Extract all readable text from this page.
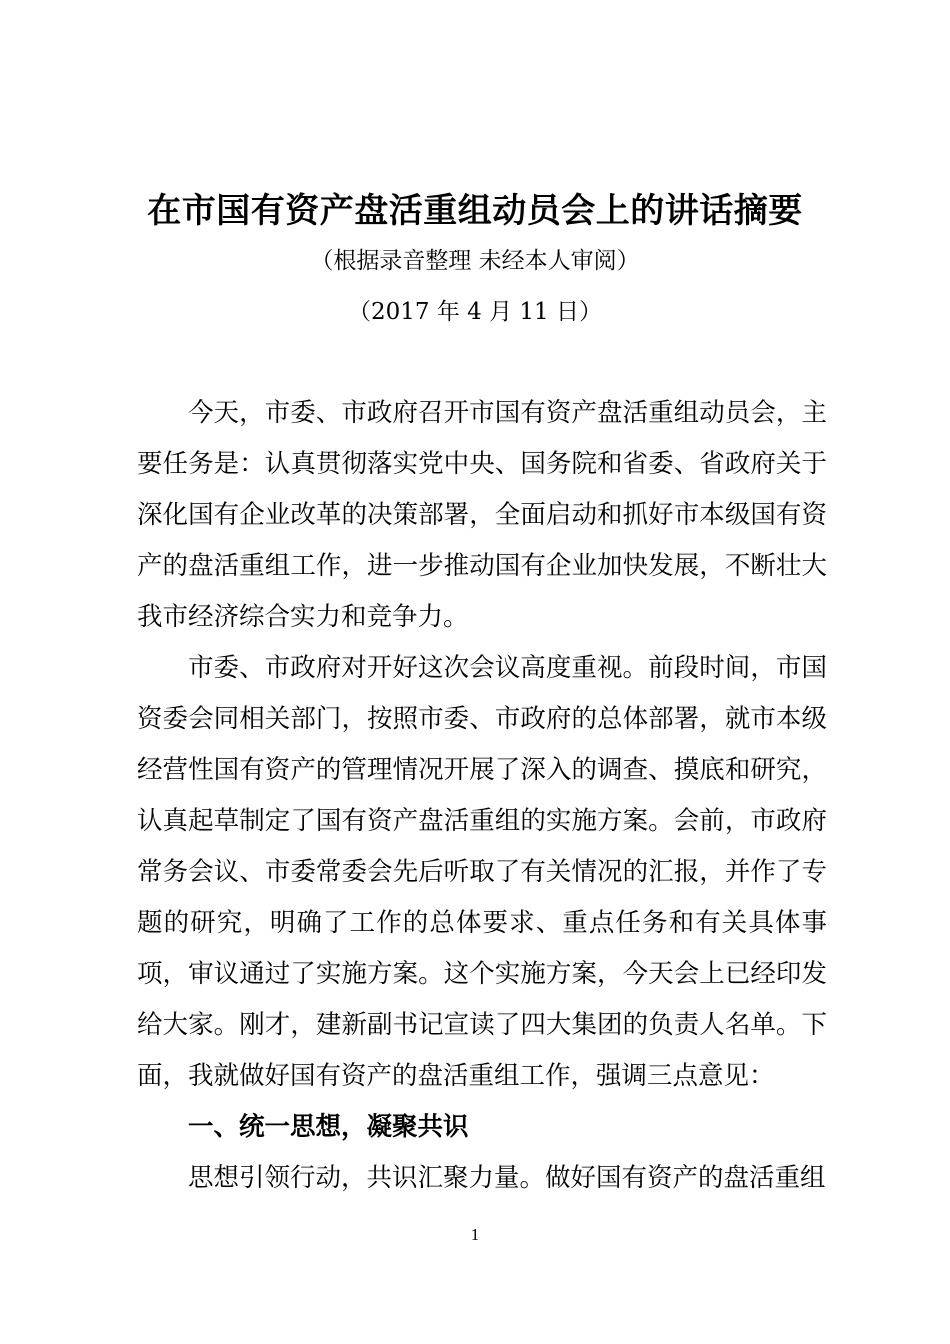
在市国有资产盘活重组动员会上的讲话摘要
（根据录音整理 未经本人审阅）
（2017 年 4 月 11 日）

今天，市委、市政府召开市国有资产盘活重组动员会，主要任务是：认真贯彻落实党中央、国务院和省委、省政府关于深化国有企业改革的决策部署，全面启动和抓好市本级国有资产的盘活重组工作，进一步推动国有企业加快发展，不断壮大我市经济综合实力和竞争力。

市委、市政府对开好这次会议高度重视。前段时间，市国资委会同相关部门，按照市委、市政府的总体部署，就市本级经营性国有资产的管理情况开展了深入的调查、摸底和研究，认真起草制定了国有资产盘活重组的实施方案。会前，市政府常务会议、市委常委会先后听取了有关情况的汇报，并作了专题的研究，明确了工作的总体要求、重点任务和有关具体事项，审议通过了实施方案。这个实施方案，今天会上已经印发给大家。刚才，建新副书记宣读了四大集团的负责人名单。下面，我就做好国有资产的盘活重组工作，强调三点意见：

一、统一思想，凝聚共识

思想引领行动，共识汇聚力量。做好国有资产的盘活重组

1
